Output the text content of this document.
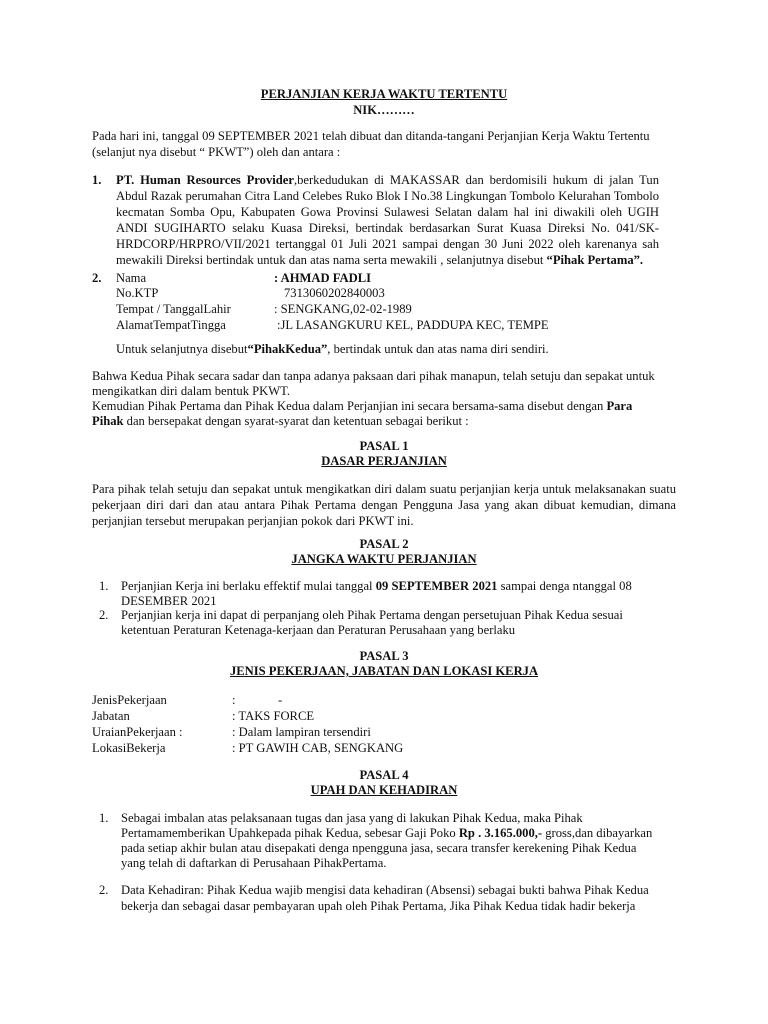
PERJANJIAN KERJA WAKTU TERTENTU
NIK………
Pada hari ini, tanggal 09 SEPTEMBER 2021 telah dibuat dan ditanda-tangani Perjanjian Kerja Waktu Tertentu
(selanjut nya disebut “ PKWT”) oleh dan antara :
1. PT. Human Resources Provider,berkedudukan di MAKASSAR dan berdomisili hukum di jalan Tun Abdul Razak perumahan Citra Land Celebes Ruko Blok I No.38 Lingkungan Tombolo Kelurahan Tombolo kecmatan Somba Opu, Kabupaten Gowa Provinsi Sulawesi Selatan dalam hal ini diwakili oleh UGIH ANDI SUGIHARTO selaku Kuasa Direksi, bertindak berdasarkan Surat Kuasa Direksi No. 041/SK-HRDCORP/HRPRO/VII/2021 tertanggal 01 Juli 2021 sampai dengan 30 Juni 2022 oleh karenanya sah mewakili Direksi bertindak untuk dan atas nama serta mewakili , selanjutnya disebut “Pihak Pertama”.
2. Nama	: AHMAD FADLI
No.KTP	7313060202840003
Tempat / TanggalLahir	: SENGKANG,02-02-1989
AlamatTempatTingga	:JL LASANGKURU KEL, PADDUPA KEC, TEMPE
Untuk selanjutnya disebut“PihakKedua”, bertindak untuk dan atas nama diri sendiri.
Bahwa Kedua Pihak secara sadar dan tanpa adanya paksaan dari pihak manapun, telah setuju dan sepakat untuk
mengikatkan diri dalam bentuk PKWT.
Kemudian Pihak Pertama dan Pihak Kedua dalam Perjanjian ini secara bersama-sama disebut dengan Para
Pihak dan bersepakat dengan syarat-syarat dan ketentuan sebagai berikut :
PASAL 1
DASAR PERJANJIAN
Para pihak telah setuju dan sepakat untuk mengikatkan diri dalam suatu perjanjian kerja untuk melaksanakan suatu pekerjaan diri dari dan atau antara Pihak Pertama dengan Pengguna Jasa yang akan dibuat kemudian, dimana perjanjian tersebut merupakan perjanjian pokok dari PKWT ini.
PASAL 2
JANGKA WAKTU PERJANJIAN
1. Perjanjian Kerja ini berlaku effektif mulai tanggal 09 SEPTEMBER 2021 sampai denga ntanggal 08
DESEMBER 2021
2. Perjanjian kerja ini dapat di perpanjang oleh Pihak Pertama dengan persetujuan Pihak Kedua sesuai
ketentuan Peraturan Ketenaga-kerjaan dan Peraturan Perusahaan yang berlaku
PASAL 3
JENIS PEKERJAAN, JABATAN DAN LOKASI KERJA
JenisPekerjaan	:	-
Jabatan	: TAKS FORCE
UraianPekerjaan :	: Dalam lampiran tersendiri
LokasiBekerja	: PT GAWIH CAB, SENGKANG
PASAL 4
UPAH DAN KEHADIRAN
1. Sebagai imbalan atas pelaksanaan tugas dan jasa yang di lakukan Pihak Kedua, maka Pihak
Pertamamemberikan Upahkepada pihak Kedua, sebesar Gaji Poko Rp . 3.165.000,- gross,dan dibayarkan
pada setiap akhir bulan atau disepakati denga npengguna jasa, secara transfer kerekening Pihak Kedua
yang telah di daftarkan di Perusahaan PihakPertama.
2. Data Kehadiran: Pihak Kedua wajib mengisi data kehadiran (Absensi) sebagai bukti bahwa Pihak Kedua
bekerja dan sebagai dasar pembayaran upah oleh Pihak Pertama, Jika Pihak Kedua tidak hadir bekerja
